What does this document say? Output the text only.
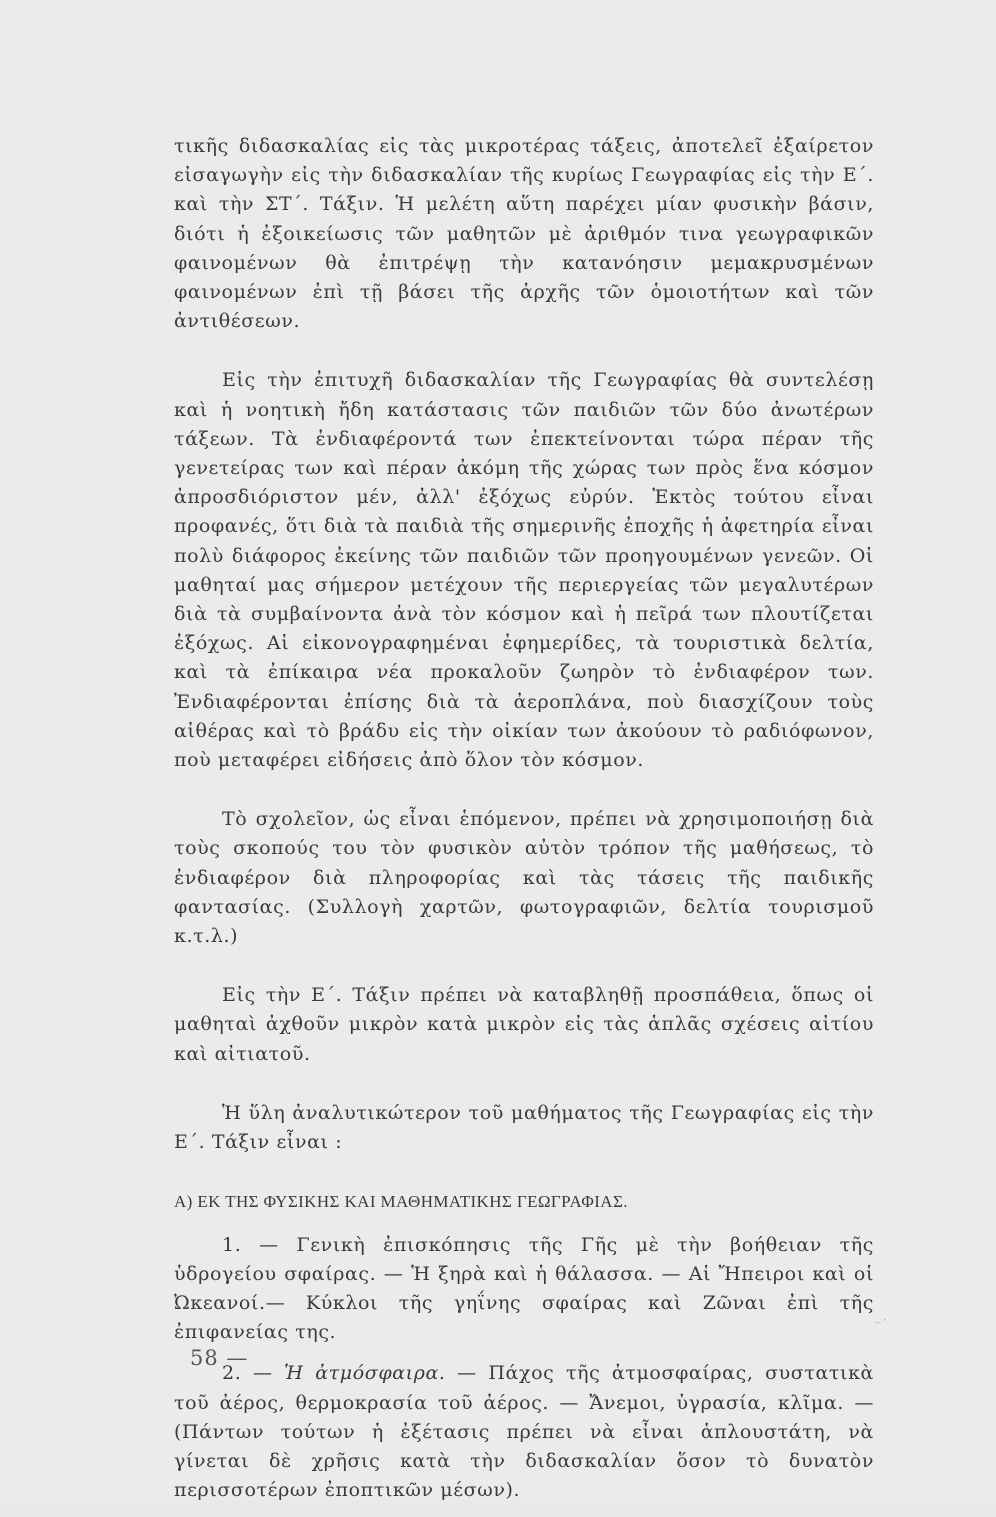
τικῆς διδασκαλίας εἰς τὰς μικροτέρας τάξεις, ἀποτελεῖ ἐξαίρετον εἰσαγωγὴν εἰς τὴν διδασκαλίαν τῆς κυρίως Γεωγραφίας εἰς τὴν Ε΄. καὶ τὴν ΣΤ΄. Τάξιν. Ἡ μελέτη αὕτη παρέχει μίαν φυσικὴν βάσιν, διότι ἡ ἐξοικείωσις τῶν μαθητῶν μὲ ἀριθμόν τινα γεωγραφικῶν φαινομένων θὰ ἐπιτρέψῃ τὴν κατανόησιν μεμακρυσμένων φαινομένων ἐπὶ τῇ βάσει τῆς ἀρχῆς τῶν ὁμοιοτήτων καὶ τῶν ἀντιθέσεων.

Εἰς τὴν ἐπιτυχῆ διδασκαλίαν τῆς Γεωγραφίας θὰ συντελέσῃ καὶ ἡ νοητικὴ ἤδη κατάστασις τῶν παιδιῶν τῶν δύο ἀνωτέρων τάξεων. Τὰ ἐνδιαφέροντά των ἐπεκτείνονται τώρα πέραν τῆς γενετείρας των καὶ πέραν ἀκόμη τῆς χώρας των πρὸς ἕνα κόσμον ἀπροσδιόριστον μέν, ἀλλ' ἐξόχως εὐρύν. Ἐκτὸς τούτου εἶναι προφανές, ὅτι διὰ τὰ παιδιὰ τῆς σημερινῆς ἐποχῆς ἡ ἀφετηρία εἶναι πολὺ διάφορος ἐκείνης τῶν παιδιῶν τῶν προηγουμένων γενεῶν. Οἱ μαθηταί μας σήμερον μετέχουν τῆς περιεργείας τῶν μεγαλυτέρων διὰ τὰ συμβαίνοντα ἀνὰ τὸν κόσμον καὶ ἡ πεῖρά των πλουτίζεται ἐξόχως. Αἱ εἰκονογραφημέναι ἐφημερίδες, τὰ τουριστικὰ δελτία, καὶ τὰ ἐπίκαιρα νέα προκαλοῦν ζωηρὸν τὸ ἐνδιαφέρον των. Ἐνδιαφέρονται ἐπίσης διὰ τὰ ἀεροπλάνα, ποὺ διασχίζουν τοὺς αἰθέρας καὶ τὸ βράδυ εἰς τὴν οἰκίαν των ἀκούουν τὸ ραδιόφωνον, ποὺ μεταφέρει εἰδήσεις ἀπὸ ὅλον τὸν κόσμον.

Τὸ σχολεῖον, ὡς εἶναι ἑπόμενον, πρέπει νὰ χρησιμοποιήσῃ διὰ τοὺς σκοπούς του τὸν φυσικὸν αὐτὸν τρόπον τῆς μαθήσεως, τὸ ἐνδιαφέρον διὰ πληροφορίας καὶ τὰς τάσεις τῆς παιδικῆς φαντασίας. (Συλλογὴ χαρτῶν, φωτογραφιῶν, δελτία τουρισμοῦ κ.τ.λ.)

Εἰς τὴν Ε΄. Τάξιν πρέπει νὰ καταβληθῇ προσπάθεια, ὅπως οἱ μαθηταὶ ἀχθοῦν μικρὸν κατὰ μικρὸν εἰς τὰς ἁπλᾶς σχέσεις αἰτίου καὶ αἰτιατοῦ.

Ἡ ὕλη ἀναλυτικώτερον τοῦ μαθήματος τῆς Γεωγραφίας εἰς τὴν Ε΄. Τάξιν εἶναι :

Α) ΕΚ ΤΗΣ ΦΥΣΙΚΗΣ ΚΑΙ ΜΑΘΗΜΑΤΙΚΗΣ ΓΕΩΓΡΑΦΙΑΣ.

1. — Γενικὴ ἐπισκόπησις τῆς Γῆς μὲ τὴν βοήθειαν τῆς ὑδρογείου σφαίρας. — Ἡ ξηρὰ καὶ ἡ θάλασσα. — Αἱ Ἤπειροι καὶ οἱ Ὠκεανοί.— Κύκλοι τῆς γηΐνης σφαίρας καὶ Ζῶναι ἐπὶ τῆς ἐπιφανείας της.

2. — Ἡ ἀτμόσφαιρα. — Πάχος τῆς ἀτμοσφαίρας, συστατικὰ τοῦ ἀέρος, θερμοκρασία τοῦ ἀέρος. — Ἄνεμοι, ὑγρασία, κλῖμα. — (Πάντων τούτων ἡ ἐξέτασις πρέπει νὰ εἶναι ἁπλουστάτη, νὰ γίνεται δὲ χρῆσις κατὰ τὴν διδασκαλίαν ὅσον τὸ δυνατὸν περισσοτέρων ἐποπτικῶν μέσων).

58 —
⁻˙
